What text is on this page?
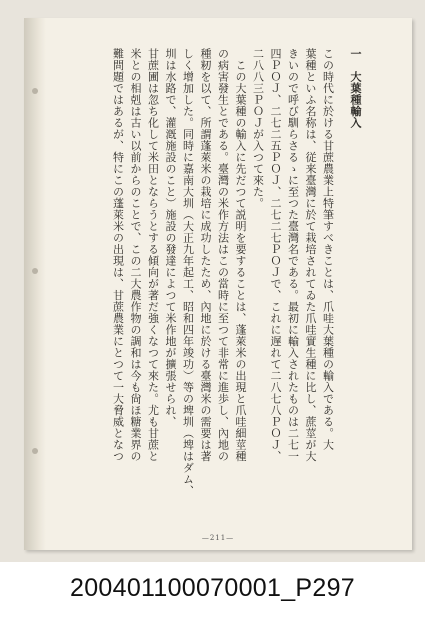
一　大葉種輸入

この時代に於ける甘蔗農業上特筆すべきことは、爪哇大葉種の輸入である。大

葉種といふ名称は、従来臺灣に於て栽培されてゐた爪哇實生種に比し、蔗莖が大

きいので呼び馴らさるゝに至つた臺灣名である。最初に輸入されたものは二七一

四ＰＯＪ、二七二五ＰＯＪ、二七二七ＰＯＪで、これに遅れて二八七八ＰＯＪ、

二八八三ＰＯＪが入つて來た。

　この大葉種の輸入に先だつて説明を要することは、蓬萊米の出現と爪哇細莖種

の病害發生とである。臺灣の米作方法はこの當時に至つて非常に進歩し、內地の

種籾を以て、所謂蓬萊米の栽培に成功したため、內地に於ける臺灣米の需要は著

しく增加した。同時に嘉南大圳（大正九年起工、昭和四年竣功）等の埤圳（埤はダム、

圳は水路で、灌漑施設のこと）施設の發達によつて米作地が擴張せられ、

甘蔗圃は忽ち化して米田とならうとする傾向が著だ強くなつて來た。尤も甘蔗と

米との相剋は古い以前からのことで、この二大農作物の調和は今も尙ほ糖業界の

難問題ではあるが、特にこの蓬萊米の出現は、甘蔗農業にとつて一大脅威となつ

—211—
200401100070001_P297
